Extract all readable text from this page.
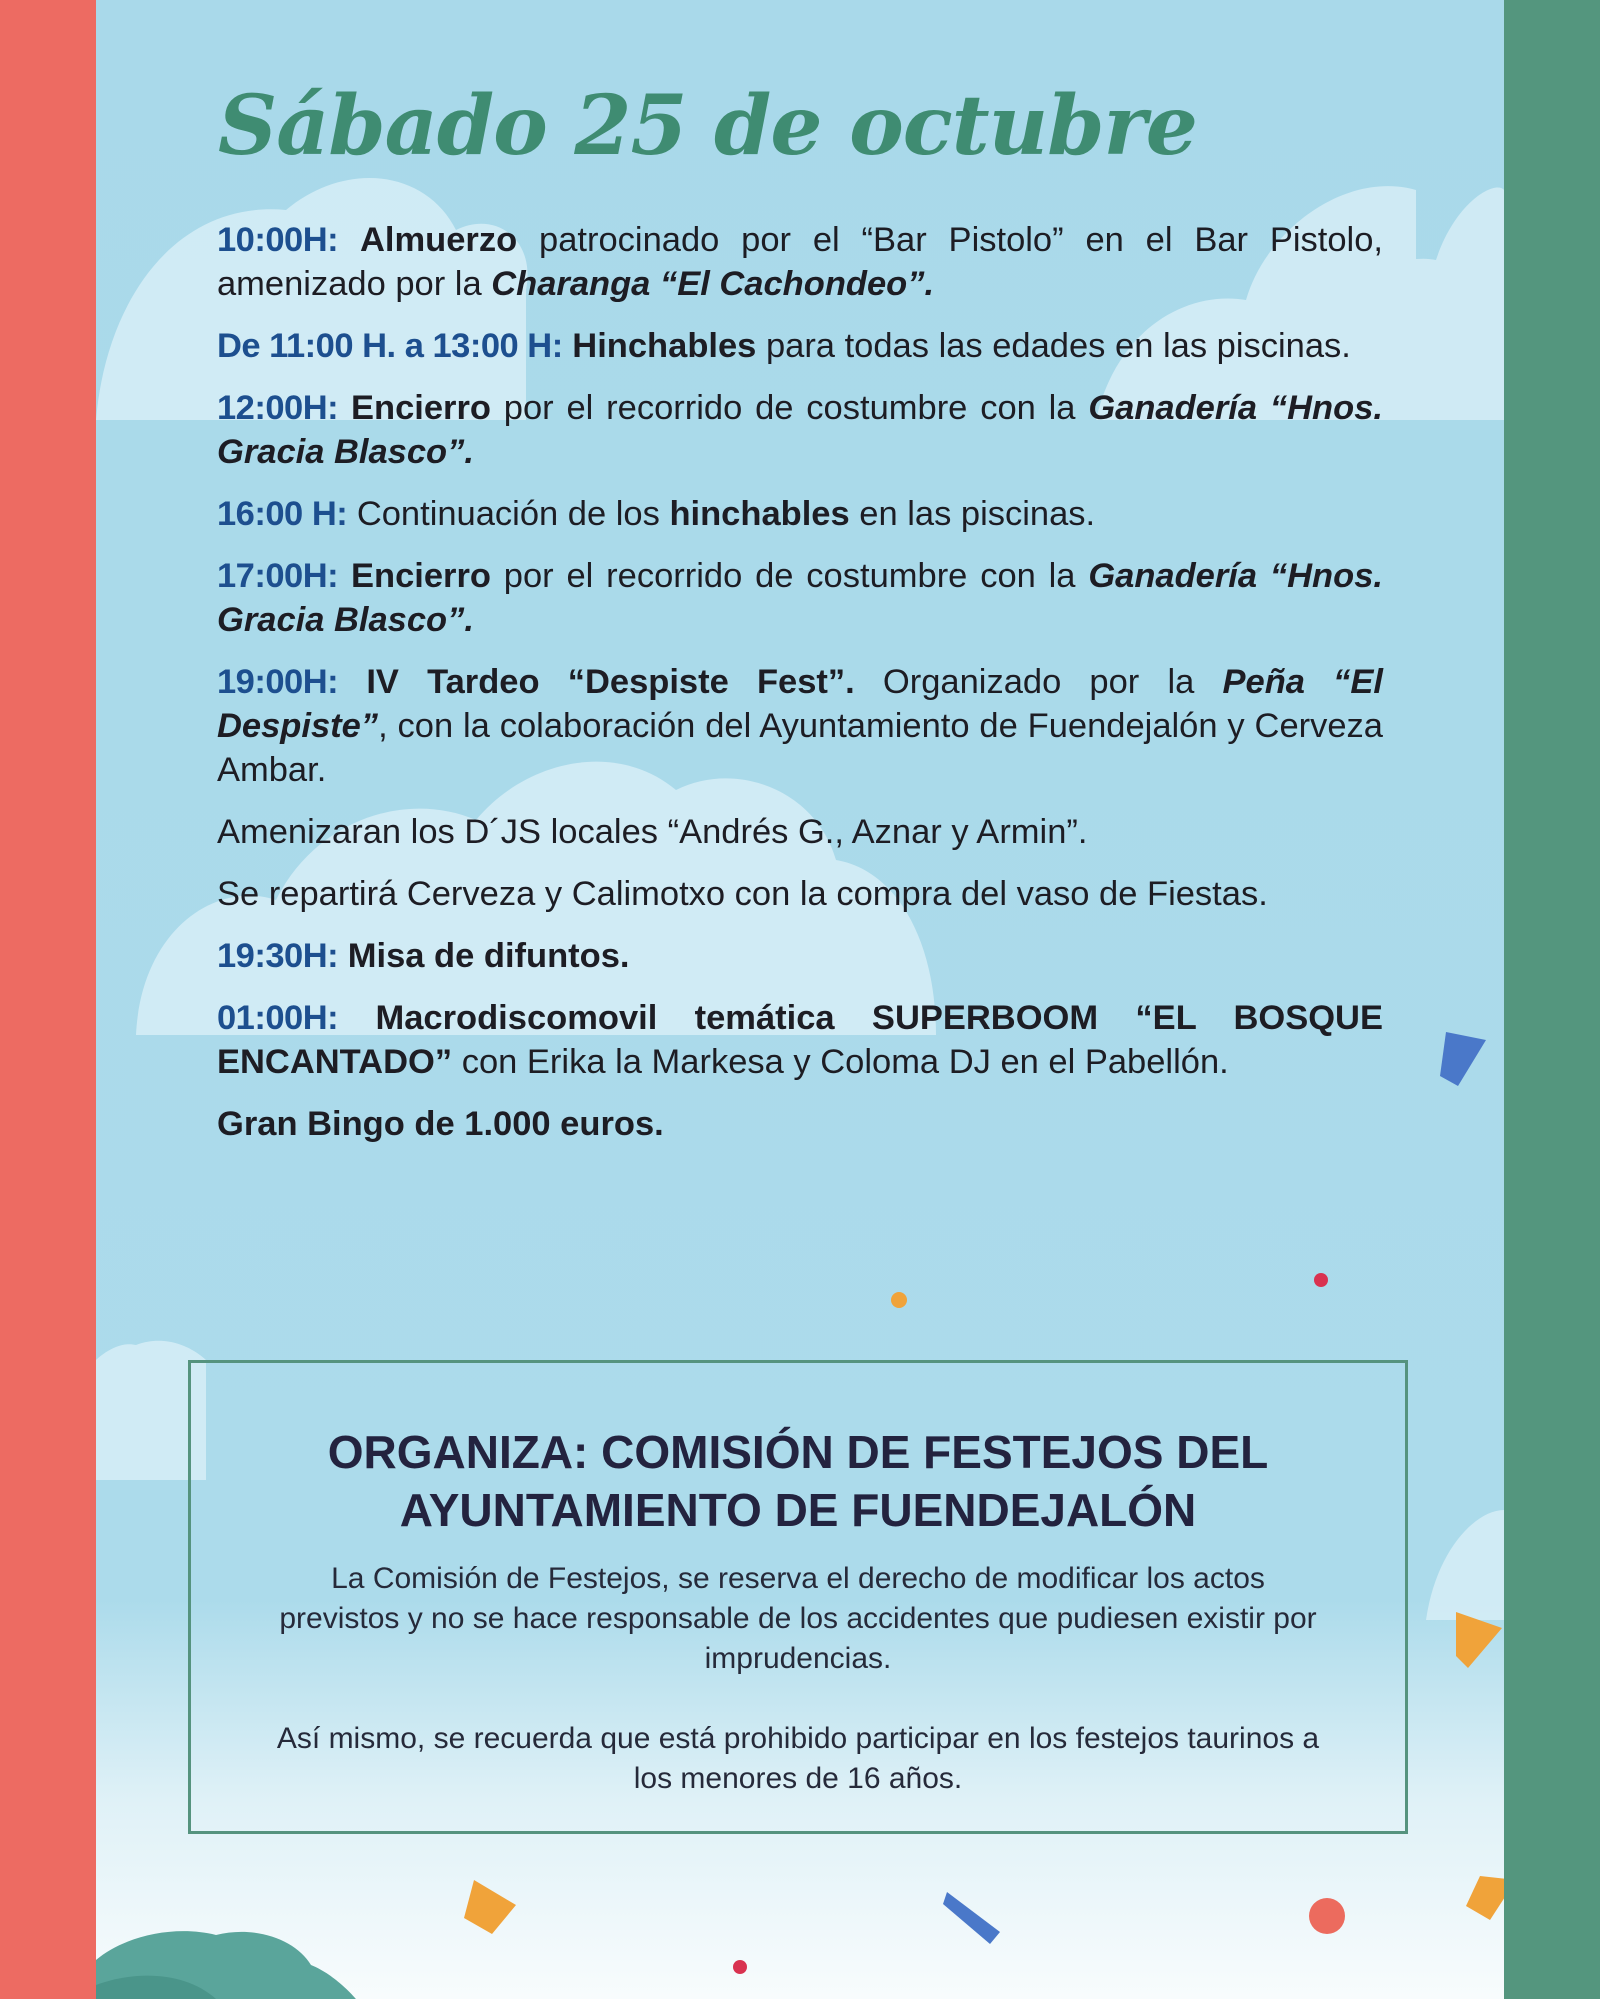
Sábado 25 de octubre

10:00H: Almuerzo patrocinado por el “Bar Pistolo” en el Bar Pistolo, amenizado por la Charanga “El Cachondeo”.

De 11:00 H. a 13:00 H: Hinchables para todas las edades en las piscinas.

12:00H: Encierro por el recorrido de costumbre con la Ganadería “Hnos. Gracia Blasco”.

16:00 H: Continuación de los hinchables en las piscinas.

17:00H: Encierro por el recorrido de costumbre con la Ganadería “Hnos. Gracia Blasco”.

19:00H: IV Tardeo “Despiste Fest”. Organizado por la Peña “El Despiste”, con la colaboración del Ayuntamiento de Fuendejalón y Cerveza Ambar.

Amenizaran los D´JS locales “Andrés G., Aznar y Armin”.

Se repartirá Cerveza y Calimotxo con la compra del vaso de Fiestas.

19:30H: Misa de difuntos.

01:00H: Macrodiscomovil temática SUPERBOOM “EL BOSQUE ENCANTADO” con Erika la Markesa y Coloma DJ en el Pabellón.

Gran Bingo de 1.000 euros.

ORGANIZA: COMISIÓN DE FESTEJOS DEL
AYUNTAMIENTO DE FUENDEJALÓN

La Comisión de Festejos, se reserva el derecho de modificar los actos previstos y no se hace responsable de los accidentes que pudiesen existir por imprudencias.

Así mismo, se recuerda que está prohibido participar en los festejos taurinos a los menores de 16 años.
